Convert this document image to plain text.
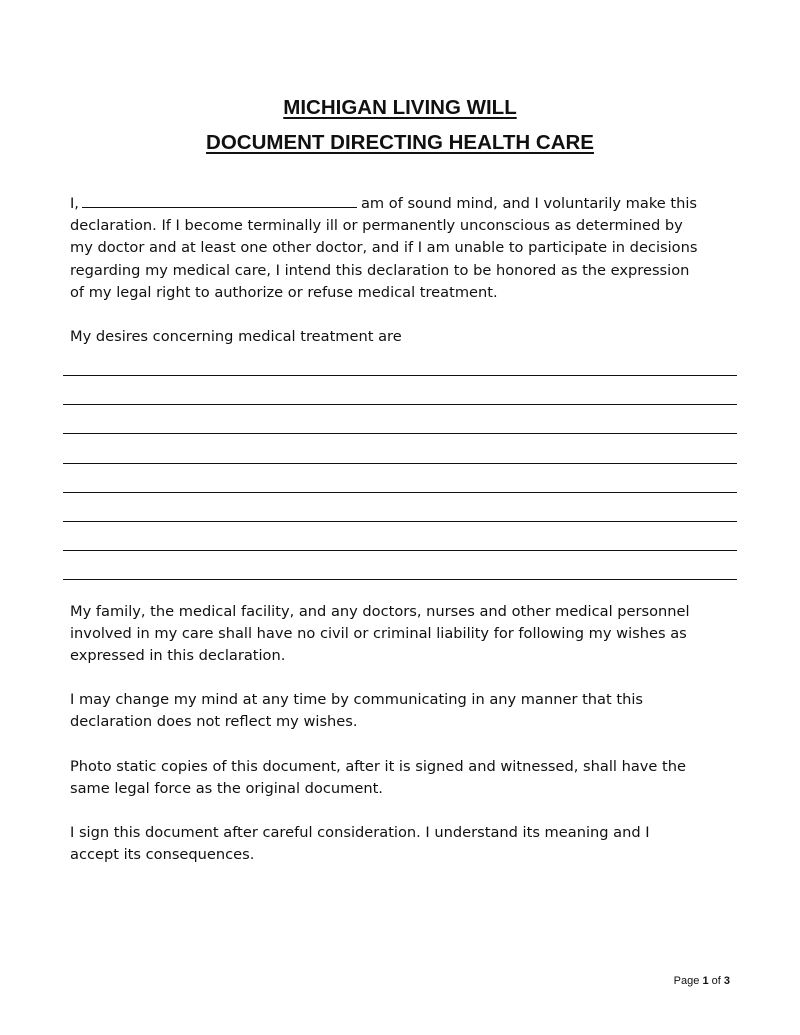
MICHIGAN LIVING WILL
DOCUMENT DIRECTING HEALTH CARE

I,	am of sound mind, and I voluntarily make this
declaration. If I become terminally ill or permanently unconscious as determined by
my doctor and at least one other doctor, and if I am unable to participate in decisions
regarding my medical care, I intend this declaration to be honored as the expression
of my legal right to authorize or refuse medical treatment.

My desires concerning medical treatment are

My family, the medical facility, and any doctors, nurses and other medical personnel
involved in my care shall have no civil or criminal liability for following my wishes as
expressed in this declaration.

I may change my mind at any time by communicating in any manner that this
declaration does not reflect my wishes.

Photo static copies of this document, after it is signed and witnessed, shall have the
same legal force as the original document.

I sign this document after careful consideration. I understand its meaning and I
accept its consequences.

Page 1 of 3
